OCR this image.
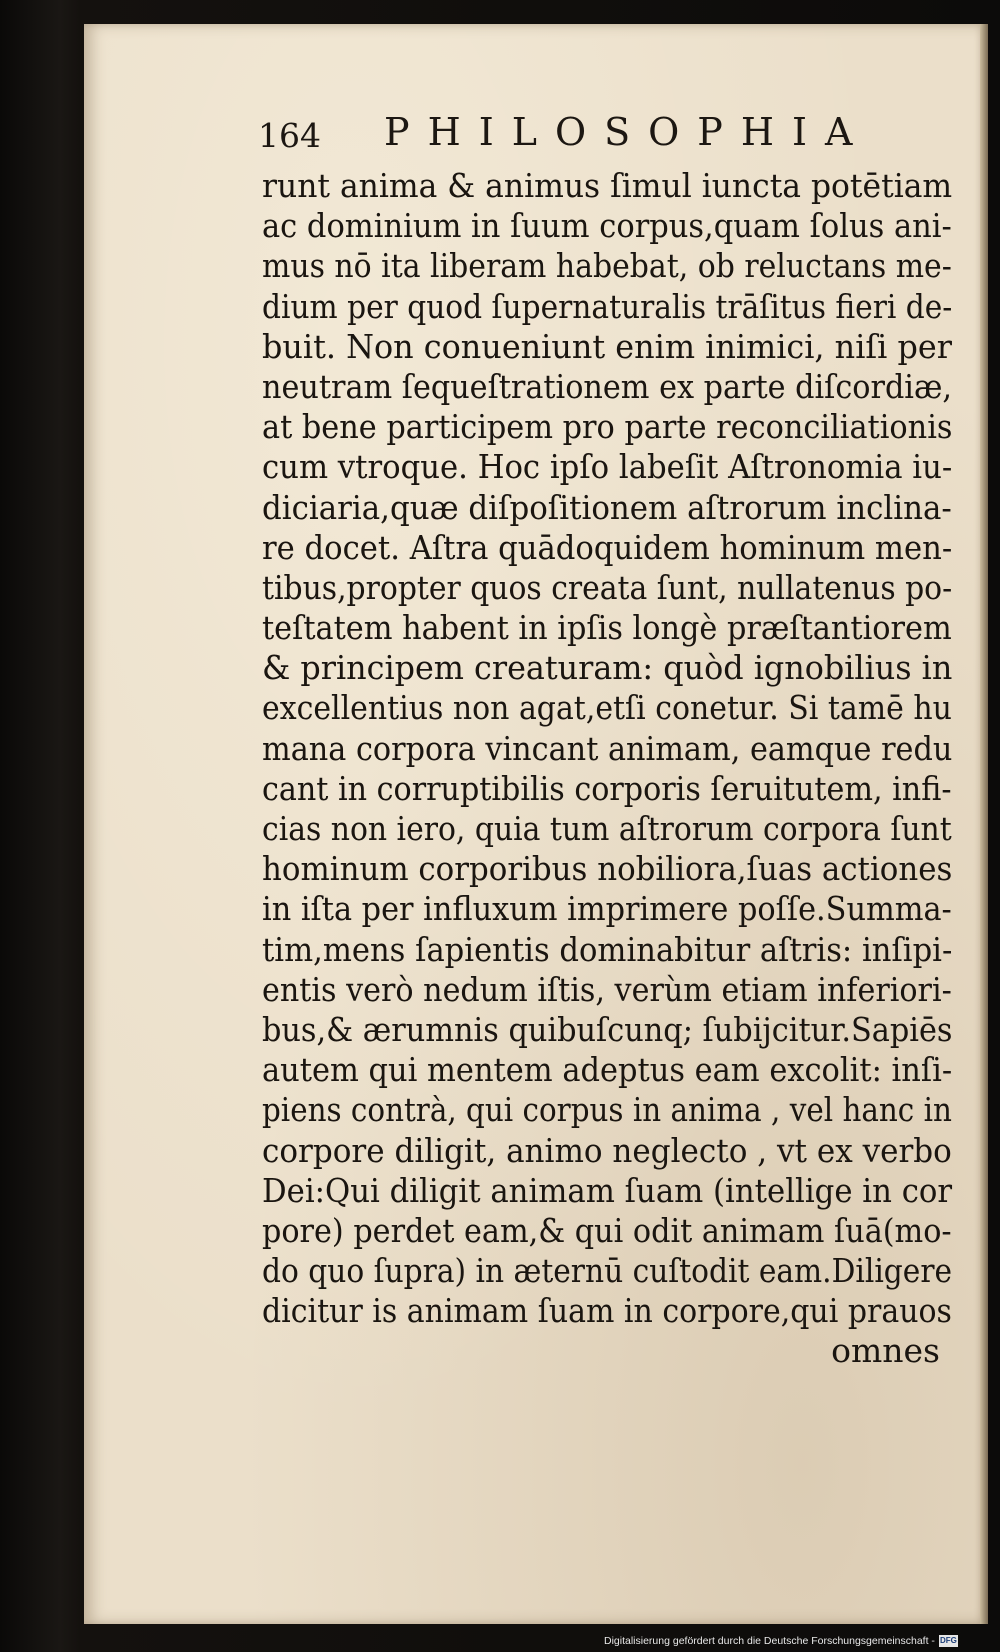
164 PHILOSOPHIA
runt anima & animus ſimul iuncta potētiam
ac dominium in ſuum corpus,quam ſolus ani-
mus nō ita liberam habebat, ob reluctans me-
dium per quod ſupernaturalis trāſitus fieri de-
buit. Non conueniunt enim inimici, niſi per
neutram ſequeſtrationem ex parte diſcordiæ,
at bene participem pro parte reconciliationis
cum vtroque. Hoc ipſo labeſit Aſtronomia iu-
diciaria,quæ diſpoſitionem aſtrorum inclina-
re docet. Aſtra quādoquidem hominum men-
tibus,propter quos creata ſunt, nullatenus po-
teſtatem habent in ipſis longè præſtantiorem
& principem creaturam: quòd ignobilius in
excellentius non agat,etſi conetur. Si tamē hu
mana corpora vincant animam, eamque redu
cant in corruptibilis corporis ſeruitutem, infi-
cias non iero, quia tum aſtrorum corpora ſunt
hominum corporibus nobiliora,ſuas actiones
in iſta per influxum imprimere poſſe.Summa-
tim,mens ſapientis dominabitur aſtris: inſipi-
entis verò nedum iſtis, verùm etiam inferiori-
bus,& ærumnis quibuſcunq; ſubijcitur.Sapiēs
autem qui mentem adeptus eam excolit: inſi-
piens contrà, qui corpus in anima , vel hanc in
corpore diligit, animo neglecto , vt ex verbo
Dei:Qui diligit animam ſuam (intellige in cor
pore) perdet eam,& qui odit animam ſuā(mo-
do quo ſupra) in æternū cuſtodit eam.Diligere
dicitur is animam ſuam in corpore,qui prauos
omnes
Digitalisierung gefördert durch die Deutsche Forschungsgemeinschaft - DFG
